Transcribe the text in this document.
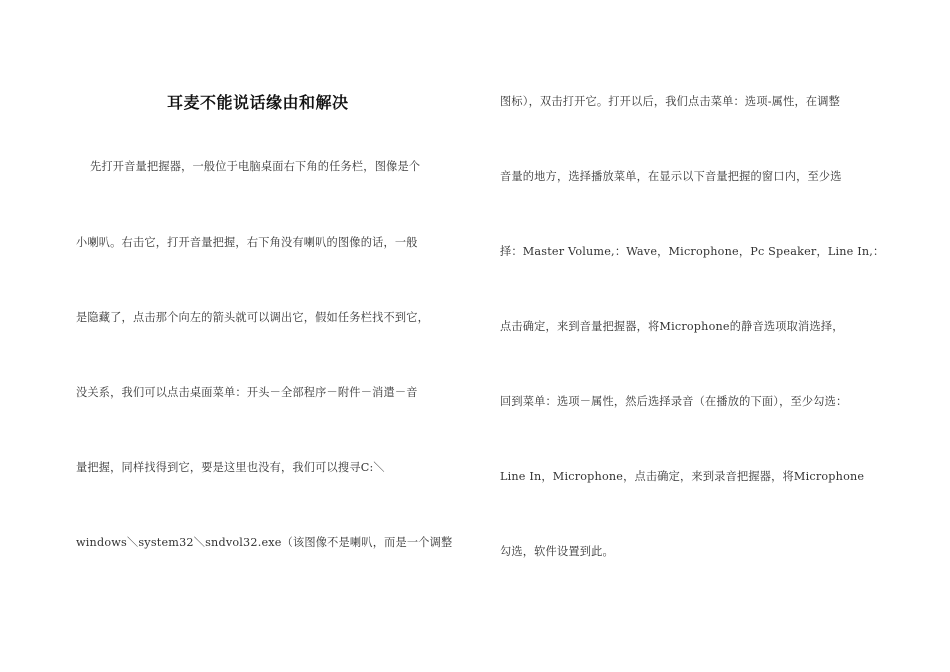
耳麦不能说话缘由和解决
先打开音量把握器，一般位于电脑桌面右下角的任务栏，图像是个
小喇叭。右击它，打开音量把握，右下角没有喇叭的图像的话，一般
是隐藏了，点击那个向左的箭头就可以调出它，假如任务栏找不到它，
没关系，我们可以点击桌面菜单：开头－全部程序－附件－消遣－音
量把握，同样找得到它，要是这里也没有，我们可以搜寻C:＼
windows＼system32＼sndvol32.exe（该图像不是喇叭，而是一个调整
图标），双击打开它。打开以后，我们点击菜单：选项-属性，在调整
音量的地方，选择播放菜单，在显示以下音量把握的窗口内，至少选
择：Master Volume,：Wave，Microphone，Pc Speaker，Line In,：
点击确定，来到音量把握器，将Microphone的静音选项取消选择，
回到菜单：选项－属性，然后选择录音（在播放的下面），至少勾选：
Line In，Microphone，点击确定，来到录音把握器，将Microphone
勾选，软件设置到此。
